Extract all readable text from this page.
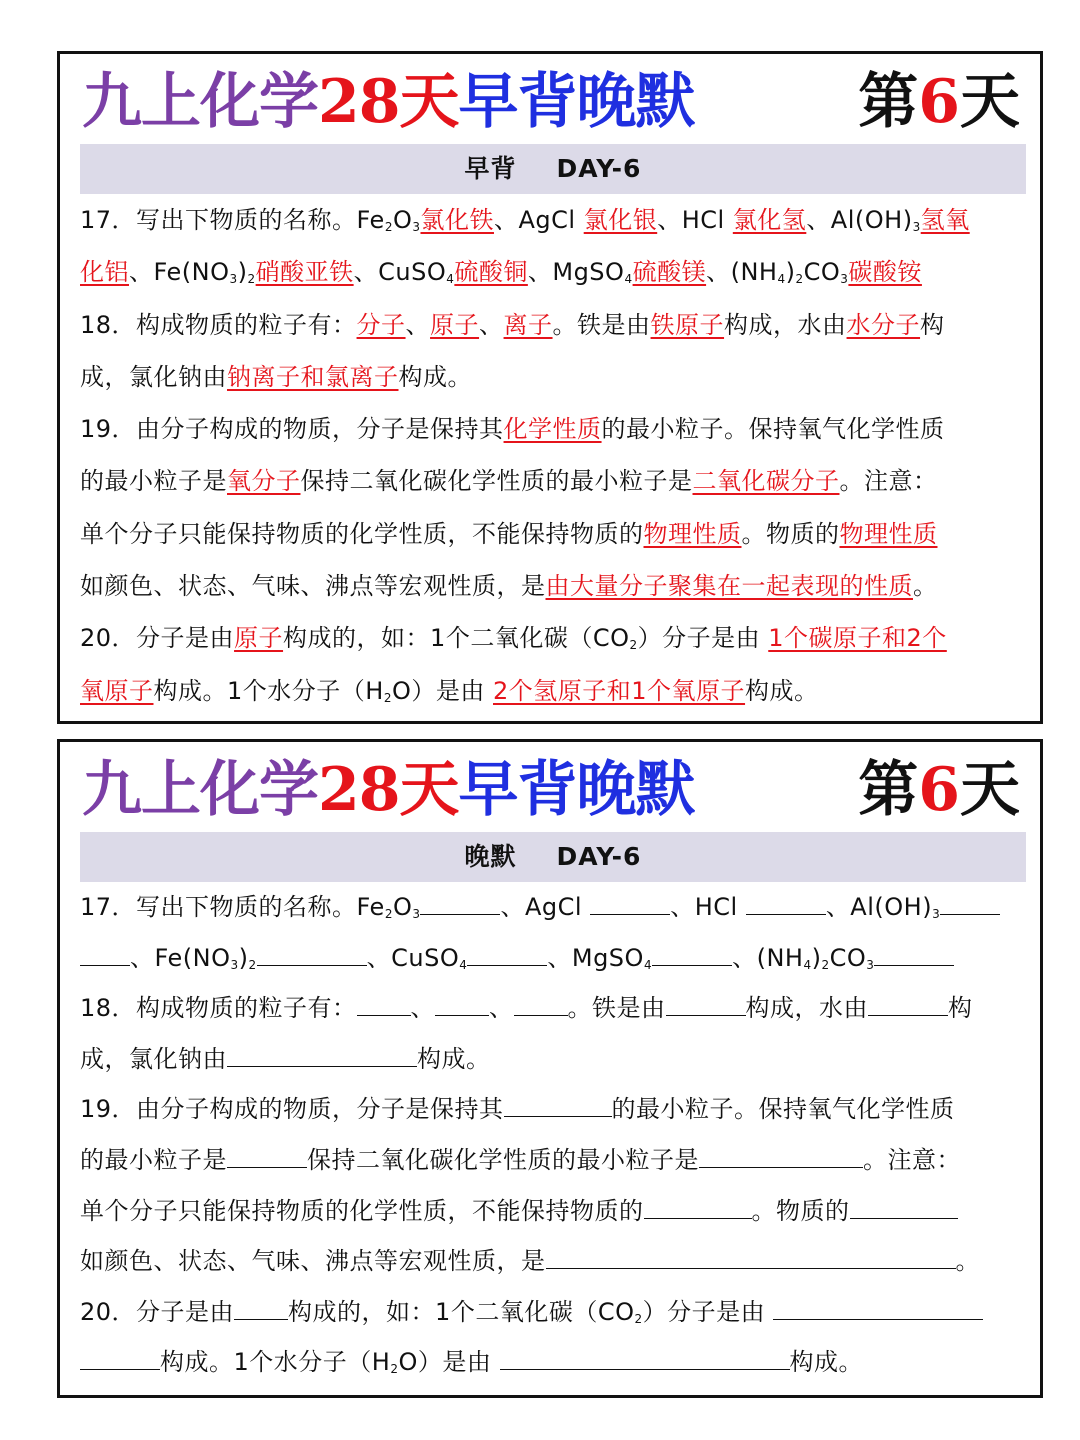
九上化学28天早背晚默	第6天
早背 DAY-6

17．写出下物质的名称。$Fe_2O_3$氯化铁、AgCl 氯化银、HCl 氯化氢、$Al(OH)_3$氢氧

化铝、$Fe(NO_3)_2$硝酸亚铁、CuSO$_4$硫酸铜、MgSO$_4$硫酸镁、$(NH_4)_2CO_3$碳酸铵

18．构成物质的粒子有：分子、原子、离子。铁是由铁原子构成，水由水分子构

成，氯化钠由钠离子和氯离子构成。

19．由分子构成的物质，分子是保持其化学性质的最小粒子。保持氧气化学性质

的最小粒子是氧分子保持二氧化碳化学性质的最小粒子是二氧化碳分子。注意：

单个分子只能保持物质的化学性质，不能保持物质的物理性质。物质的物理性质

如颜色、状态、气味、沸点等宏观性质，是由大量分子聚集在一起表现的性质。

20．分子是由原子构成的，如：1个二氧化碳$(CO_2)$分子是由 1个碳原子和2个

氧原子构成。1个水分子$(H_2O)$是由 2个氢原子和1个氧原子构成。

九上化学28天早背晚默	第6天
晚默 DAY-6

17．写出下物质的名称。$Fe_2O_3$	、AgCl	、HCl	、$Al(OH)_3$

、$Fe(NO_3)_2$	、CuSO$_4$	、MgSO$_4$	、$(NH_4)_2CO_3$

18．构成物质的粒子有： 、 、 。铁是由	构成，水由	构

成，氯化钠由	构成。

19．由分子构成的物质，分子是保持其	的最小粒子。保持氧气化学性质

的最小粒子是	保持二氧化碳化学性质的最小粒子是	。注意：

单个分子只能保持物质的化学性质，不能保持物质的	。物质的

如颜色、状态、气味、沸点等宏观性质，是	。

20．分子是由 构成的，如：1个二氧化碳$(CO_2)$分子是由

构成。1个水分子$(H_2O)$是由	构成。
